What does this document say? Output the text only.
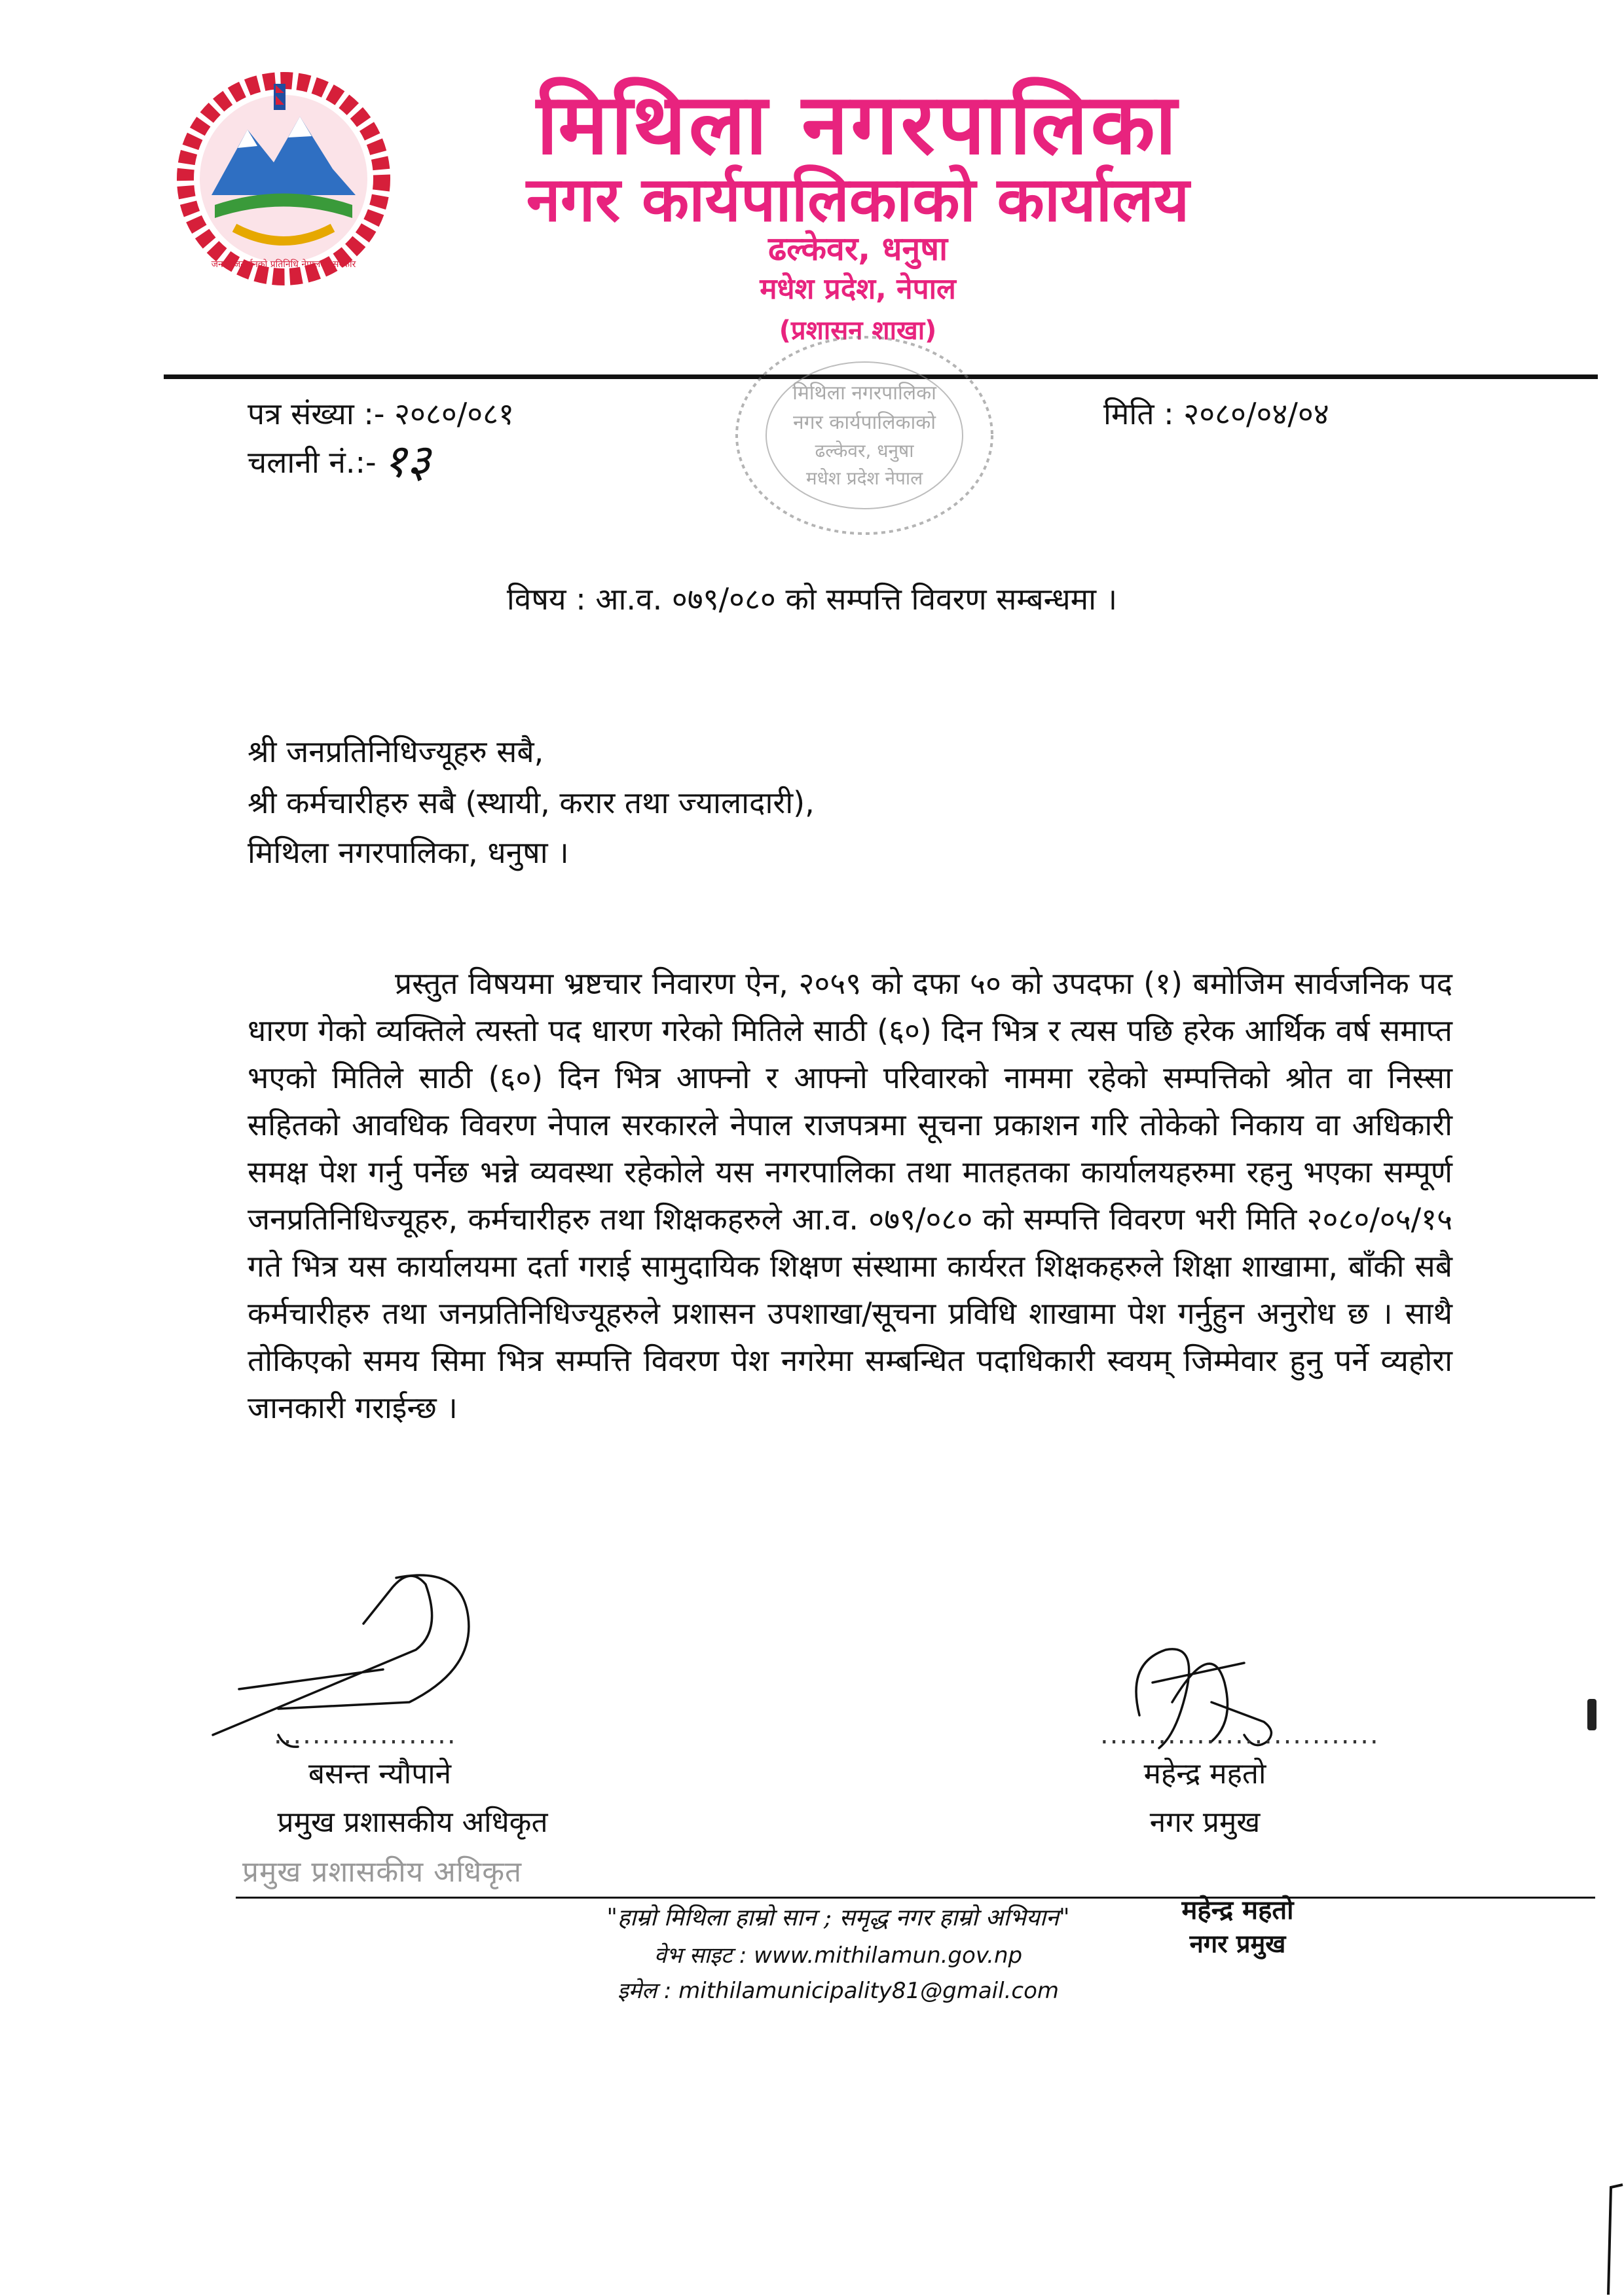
जनता जनार्दनको प्रतिनिधि नेपालको सरकार
मिथिला नगरपालिका
नगर कार्यपालिकाको कार्यालय
ढल्केवर, धनुषा
मधेश प्रदेश, नेपाल
(प्रशासन शाखा)
मिथिला नगरपालिका
नगर कार्यपालिकाको
ढल्केवर, धनुषा
मधेश प्रदेश नेपाल
पत्र संख्या :- २०८०/०८१
चलानी नं.:- १३
मिति : २०८०/०४/०४
विषय : आ.व. ०७९/०८० को सम्पत्ति विवरण सम्बन्धमा ।
श्री जनप्रतिनिधिज्यूहरु सबै,
श्री कर्मचारीहरु सबै (स्थायी, करार तथा ज्यालादारी),
मिथिला नगरपालिका, धनुषा ।
प्रस्तुत विषयमा भ्रष्टचार निवारण ऐन, २०५९ को दफा ५० को उपदफा (१) बमोजिम सार्वजनिक पद धारण गेको व्यक्तिले त्यस्तो पद धारण गरेको मितिले साठी (६०) दिन भित्र र त्यस पछि हरेक आर्थिक वर्ष समाप्त भएको मितिले साठी (६०) दिन भित्र आफ्नो र आफ्नो परिवारको नाममा रहेको सम्पत्तिको श्रोत वा निस्सा सहितको आवधिक विवरण नेपाल सरकारले नेपाल राजपत्रमा सूचना प्रकाशन गरि तोकेको निकाय वा अधिकारी समक्ष पेश गर्नु पर्नेछ भन्ने व्यवस्था रहेकोले यस नगरपालिका तथा मातहतका कार्यालयहरुमा रहनु भएका सम्पूर्ण जनप्रतिनिधिज्यूहरु, कर्मचारीहरु तथा शिक्षकहरुले आ.व. ०७९/०८० को सम्पत्ति विवरण भरी मिति २०८०/०५/१५ गते भित्र यस कार्यालयमा दर्ता गराई सामुदायिक शिक्षण संस्थामा कार्यरत शिक्षकहरुले शिक्षा शाखामा, बाँकी सबै कर्मचारीहरु तथा जनप्रतिनिधिज्यूहरुले प्रशासन उपशाखा/सूचना प्रविधि शाखामा पेश गर्नुहुन अनुरोध छ । साथै तोकिएको समय सिमा भित्र सम्पत्ति विवरण पेश नगरेमा सम्बन्धित पदाधिकारी स्वयम् जिम्मेवार हुनु पर्ने व्यहोरा जानकारी गराईन्छ ।
...................
बसन्त न्यौपाने
प्रमुख प्रशासकीय अधिकृत
प्रमुख प्रशासकीय अधिकृत
.............................
महेन्द्र महतो
नगर प्रमुख
"हाम्रो मिथिला हाम्रो सान ; समृद्ध नगर हाम्रो अभियान"
वेभ साइट : www.mithilamun.gov.np
इमेल : mithilamunicipality81@gmail.com
महेन्द्र महतो
नगर प्रमुख
